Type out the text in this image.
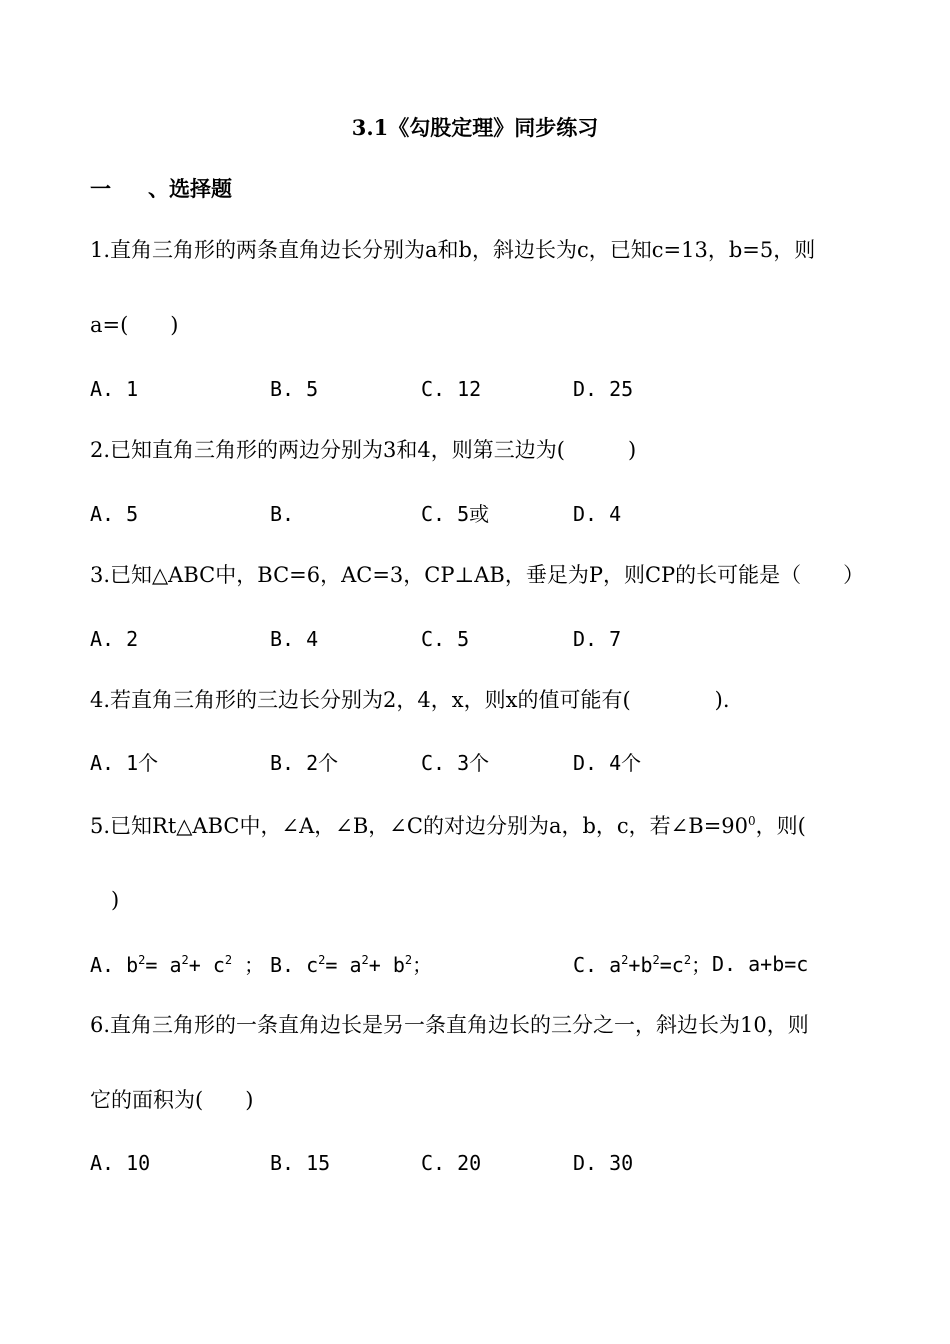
3.1《勾股定理》同步练习
一 、选择题
1.直角三角形的两条直角边长分别为a和b，斜边长为c，已知c=13，b=5，则
a=(　　)
A. 1	B. 5	C. 12	D. 25
2.已知直角三角形的两边分别为3和4，则第三边为(　　　)
A. 5	B.	C. 5或	D. 4
3.已知△ABC中，BC=6，AC=3，CP⊥AB，垂足为P，则CP的长可能是（　　）
A. 2	B. 4	C. 5	D. 7
4.若直角三角形的三边长分别为2，4，x，则x的值可能有(　　　　).　
A. 1个	B. 2个	C. 3个	D. 4个
5.已知Rt△ABC中，∠A，∠B，∠C的对边分别为a，b，c，若$\angle B=90^0$，则(
　)
A. $b^2= a^2+ c^2$ ； B. $c^2= a^2+ b^2$；	C. $a^2+b^2=c^2$； D. a+b=c
6.直角三角形的一条直角边长是另一条直角边长的三分之一，斜边长为10，则
它的面积为(　　)
A. 10	B. 15	C. 20	D. 30
